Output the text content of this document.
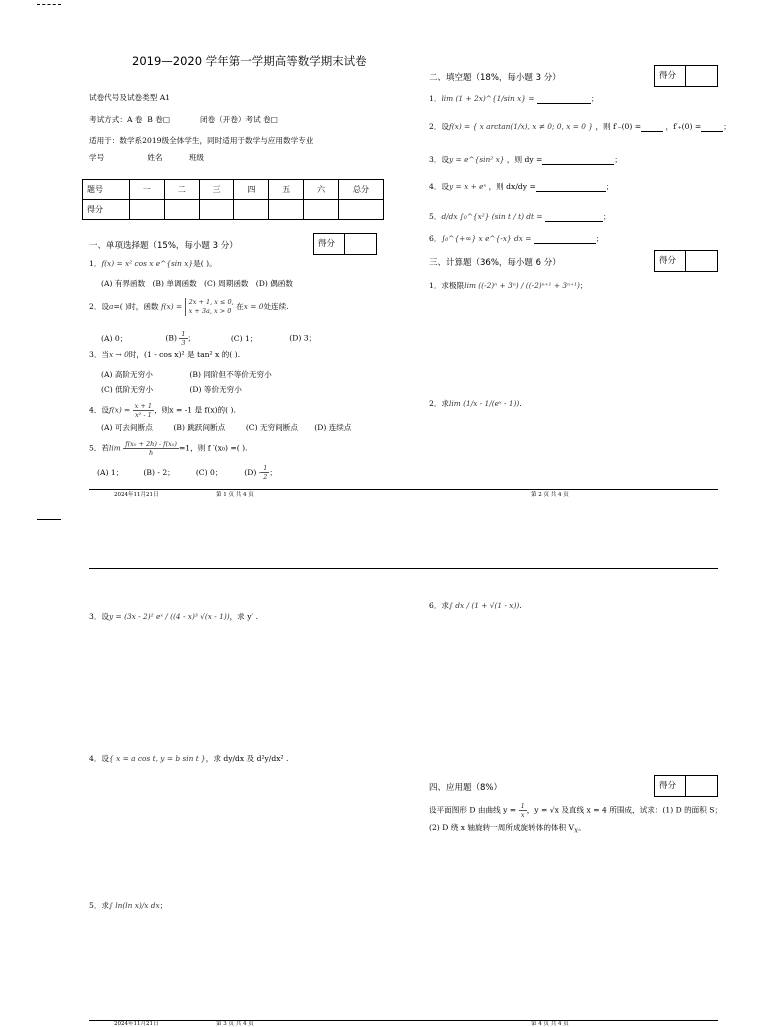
2019—2020 学年第一学期高等数学期末试卷
试卷代号及试卷类型 A1
考试方式：A 卷 B 卷□	闭卷（开卷）考试 卷□
适用于：数学系2019级全体学生，同时适用于数学与应用数学专业
学号	姓名	班级
题号	一	二	三	四	五	六	总分
得分							
一、单项选择题（15%，每小题 3 分）	得分
1．f(x) = x² cos x e^{sin x}是( )。
(A) 有界函数 (B) 单调函数 (C) 周期函数 (D) 偶函数
2．设a=( )时，函数 f(x) = 2x + 1, x ≤ 0,
x + 3a, x > 0 在x = 0处连续.
(A) 0；	$(B) \frac{1}{3}$ ；	(C) 1；	(D) 3；
3．当x → 0时，(1 - cos x)² 是 tan² x 的( ).
(A) 高阶无穷小	(B) 同阶但不等价无穷小
(C) 低阶无穷小	(D) 等价无穷小
4．设$f(x) = \frac{x + 1}{\text{x² - 1}}$ ，则x = -1 是 f(x)的( ).
(A) 可去间断点	(B) 跳跃间断点	(C) 无穷间断点 (D) 连续点
5．若$\lim \frac{\text{f(x₀ + 2h) - f(x₀)}}{h} =1$，则 f ′(x₀) =( ).
(A) 1；	(B) - 2；	(C) 0；	$(D) - \frac{1}{2}$ ；
二、填空题（18%，每小题 3 分）	得分
1．lim (1 + 2x)^{1/sin x} =	；
2．设f(x) = { x arctan(1/x), x ≠ 0; 0, x = 0 } ，则 f′₋(0) =	，f′₊(0) =	；
3．设y = e^{sin² x} ，则 dy =	；
4．设y = x + eˣ ，则 dx/dy =	；
5．d/dx ∫₀^{x²} (sin t / t) dt =	；
6．∫₀^{+∞} x e^{-x} dx =	；
三、计算题（36%，每小题 6 分）	得分
1．求极限lim ((-2)ⁿ + 3ⁿ) / ((-2)ⁿ⁺¹ + 3ⁿ⁺¹)；
2．求lim (1/x - 1/(eˣ - 1)).
2024年11月21日	第 1 页 共 4 页	第 2 页 共 4 页
3．设y = (3x - 2)² eˣ / ((4 - x)³ √(x - 1))，求 y′ .
4．设{ x = a cos t, y = b sin t }，求 dy/dx 及 d²y/dx² .
5．求∫ ln(ln x)/x dx；
6．求∫ dx / (1 + √(1 - x)).
四、应用题（8%）	得分
设平面图形 D 由曲线 $y = \frac{1}{x}$ ，y = √x 及直线 x = 4 所围成，试求：(1) D 的面积 S；
(2) D 绕 x 轴旋转一周所成旋转体的体积 $V_x$。
2024年11月21日	第 3 页 共 4 页	第 4 页 共 4 页
